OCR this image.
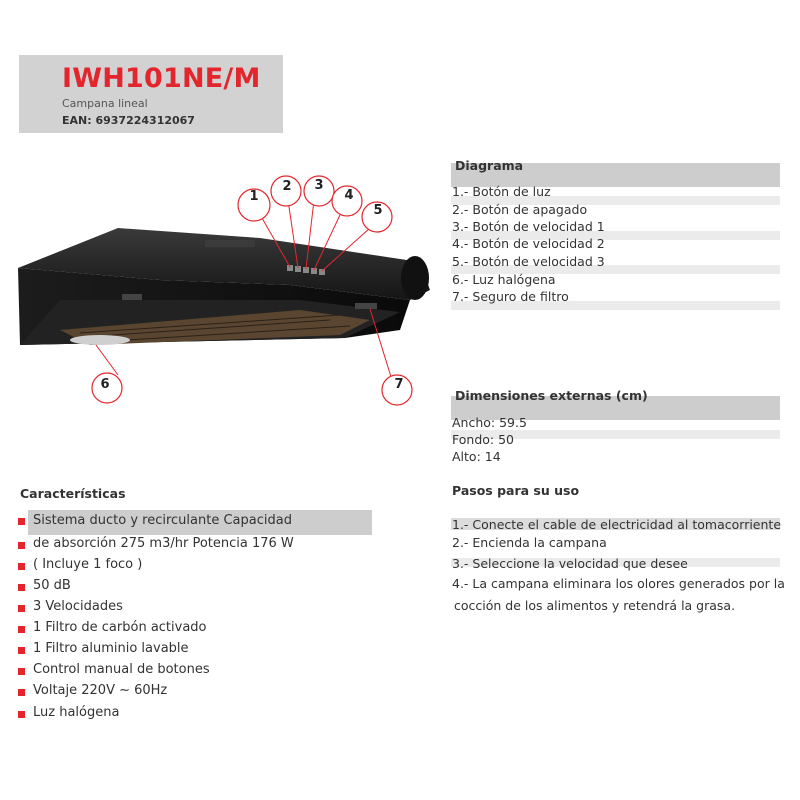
IWH101NE/M
Campana lineal
EAN: 6937224312067
1
2 3
4
5
6	7
Diagrama
1.- Botón de luz
2.- Botón de apagado
3.- Botón de velocidad 1
4.- Botón de velocidad 2
5.- Botón de velocidad 3
6.- Luz halógena
7.- Seguro de filtro
Dimensiones externas (cm)
Ancho: 59.5
Fondo: 50
Alto: 14
Pasos para su uso
1.- Conecte el cable de electricidad al tomacorriente
2.- Encienda la campana
3.- Seleccione la velocidad que desee
4.- La campana eliminara los olores generados por la
cocción de los alimentos y retendrá la grasa.
Características
Sistema ducto y recirculante Capacidad
de absorción 275 m3/hr Potencia 176 W
( Incluye 1 foco )
50 dB
3 Velocidades
1 Filtro de carbón activado
1 Filtro aluminio lavable
Control manual de botones
Voltaje 220V ~ 60Hz
Luz halógena
